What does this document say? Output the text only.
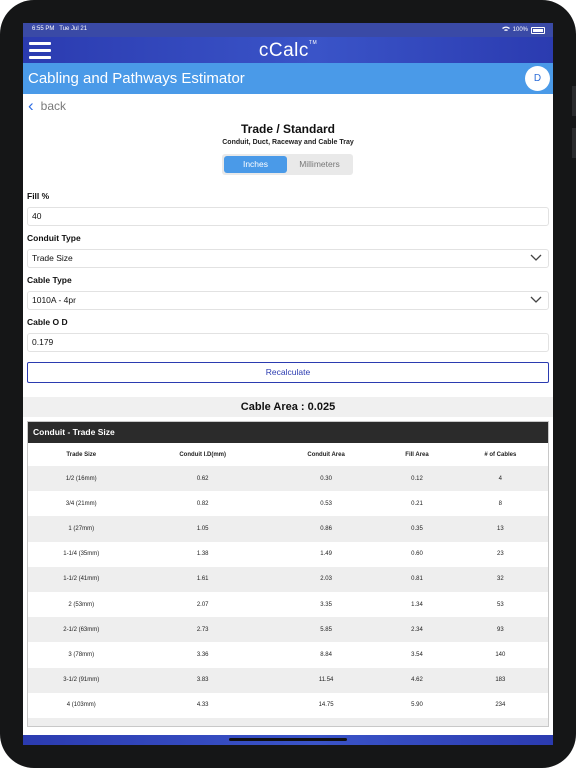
6:55 PM Tue Jul 21	100%
cCalc™
Cabling and Pathways Estimator	D
‹ back
Trade / Standard
Conduit, Duct, Raceway and Cable Tray
Inches	Millimeters
Fill %
40
Conduit Type
Trade Size
Cable Type
1010A - 4pr
Cable O D
0.179
Recalculate
Cable Area : 0.025
Conduit - Trade Size
Trade Size	Conduit I.D(mm)	Conduit Area	Fill Area	# of Cables
1/2 (16mm)	0.62	0.30	0.12	4
3/4 (21mm)	0.82	0.53	0.21	8
1 (27mm)	1.05	0.86	0.35	13
1-1/4 (35mm)	1.38	1.49	0.60	23
1-1/2 (41mm)	1.61	2.03	0.81	32
2 (53mm)	2.07	3.35	1.34	53
2-1/2 (63mm)	2.73	5.85	2.34	93
3 (78mm)	3.36	8.84	3.54	140
3-1/2 (91mm)	3.83	11.54	4.62	183
4 (103mm)	4.33	14.75	5.90	234
